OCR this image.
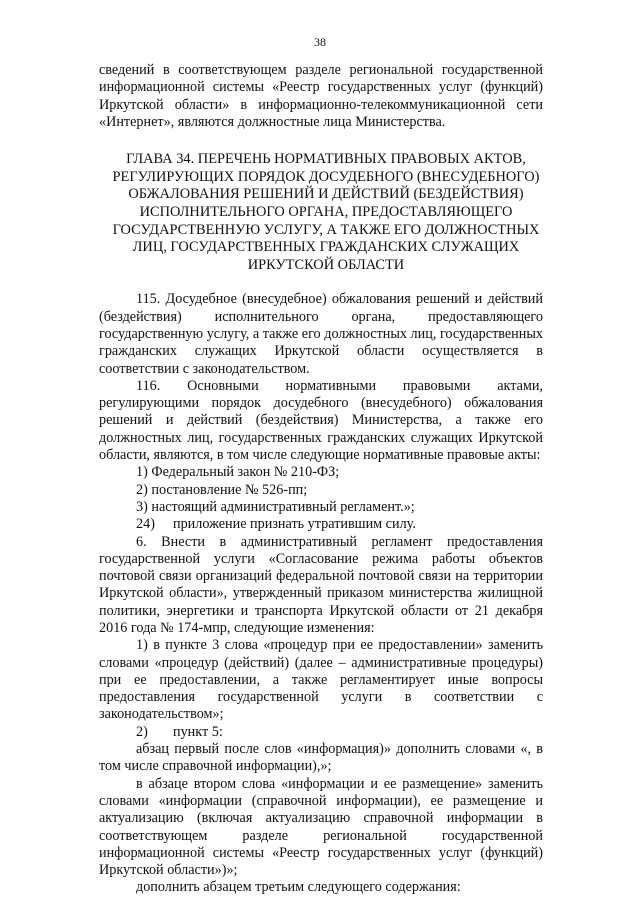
38

сведений в соответствующем разделе региональной государственной информационной системы «Реестр государственных услуг (функций) Иркутской области» в информационно-телекоммуникационной сети «Интернет», являются должностные лица Министерства.

ГЛАВА 34. ПЕРЕЧЕНЬ НОРМАТИВНЫХ ПРАВОВЫХ АКТОВ, РЕГУЛИРУЮЩИХ ПОРЯДОК ДОСУДЕБНОГО (ВНЕСУДЕБНОГО) ОБЖАЛОВАНИЯ РЕШЕНИЙ И ДЕЙСТВИЙ (БЕЗДЕЙСТВИЯ) ИСПОЛНИТЕЛЬНОГО ОРГАНА, ПРЕДОСТАВЛЯЮЩЕГО ГОСУДАРСТВЕННУЮ УСЛУГУ, А ТАКЖЕ ЕГО ДОЛЖНОСТНЫХ ЛИЦ, ГОСУДАРСТВЕННЫХ ГРАЖДАНСКИХ СЛУЖАЩИХ ИРКУТСКОЙ ОБЛАСТИ

115. Досудебное (внесудебное) обжалования решений и действий (бездействия) исполнительного органа, предоставляющего государственную услугу, а также его должностных лиц, государственных гражданских служащих Иркутской области осуществляется в соответствии с законодательством.

116. Основными нормативными правовыми актами, регулирующими порядок досудебного (внесудебного) обжалования решений и действий (бездействия) Министерства, а также его должностных лиц, государственных гражданских служащих Иркутской области, являются, в том числе следующие нормативные правовые акты:

1) Федеральный закон № 210-ФЗ;

2) постановление № 526-пп;

3) настоящий административный регламент.»;

24) приложение признать утратившим силу.

6. Внести в административный регламент предоставления государственной услуги «Согласование режима работы объектов почтовой связи организаций федеральной почтовой связи на территории Иркутской области», утвержденный приказом министерства жилищной политики, энергетики и транспорта Иркутской области от 21 декабря 2016 года № 174-мпр, следующие изменения:

1) в пункте 3 слова «процедур при ее предоставлении» заменить словами «процедур (действий) (далее – административные процедуры) при ее предоставлении, а также регламентирует иные вопросы предоставления государственной услуги в соответствии с законодательством»;

2) пункт 5:

абзац первый после слов «информация)» дополнить словами «, в том числе справочной информации),»;

в абзаце втором слова «информации и ее размещение» заменить словами «информации (справочной информации), ее размещение и актуализацию (включая актуализацию справочной информации в соответствующем разделе региональной государственной информационной системы «Реестр государственных услуг (функций) Иркутской области»)»;

дополнить абзацем третьим следующего содержания:
